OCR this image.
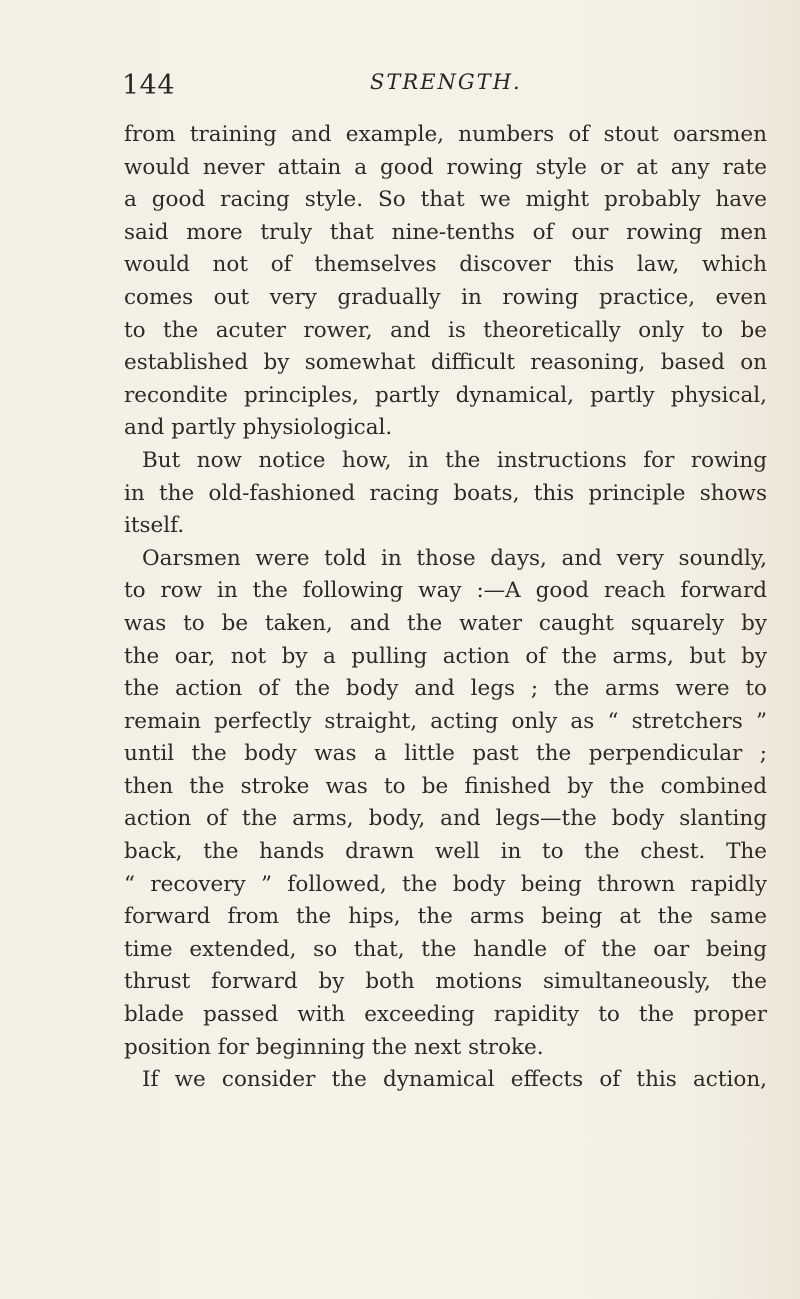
144	STRENGTH.
from training and example, numbers of stout oarsmen
would never attain a good rowing style or at any rate
a good racing style. So that we might probably have
said more truly that nine-tenths of our rowing men
would not of themselves discover this law, which
comes out very gradually in rowing practice, even
to the acuter rower, and is theoretically only to be
established by somewhat difficult reasoning, based on
recondite principles, partly dynamical, partly physical,
and partly physiological.
But now notice how, in the instructions for rowing
in the old-fashioned racing boats, this principle shows
itself.
Oarsmen were told in those days, and very soundly,
to row in the following way :—A good reach forward
was to be taken, and the water caught squarely by
the oar, not by a pulling action of the arms, but by
the action of the body and legs ; the arms were to
remain perfectly straight, acting only as “ stretchers ”
until the body was a little past the perpendicular ;
then the stroke was to be finished by the combined
action of the arms, body, and legs—the body slanting
back, the hands drawn well in to the chest. The
“ recovery ” followed, the body being thrown rapidly
forward from the hips, the arms being at the same
time extended, so that, the handle of the oar being
thrust forward by both motions simultaneously, the
blade passed with exceeding rapidity to the proper
position for beginning the next stroke.
If we consider the dynamical effects of this action,
